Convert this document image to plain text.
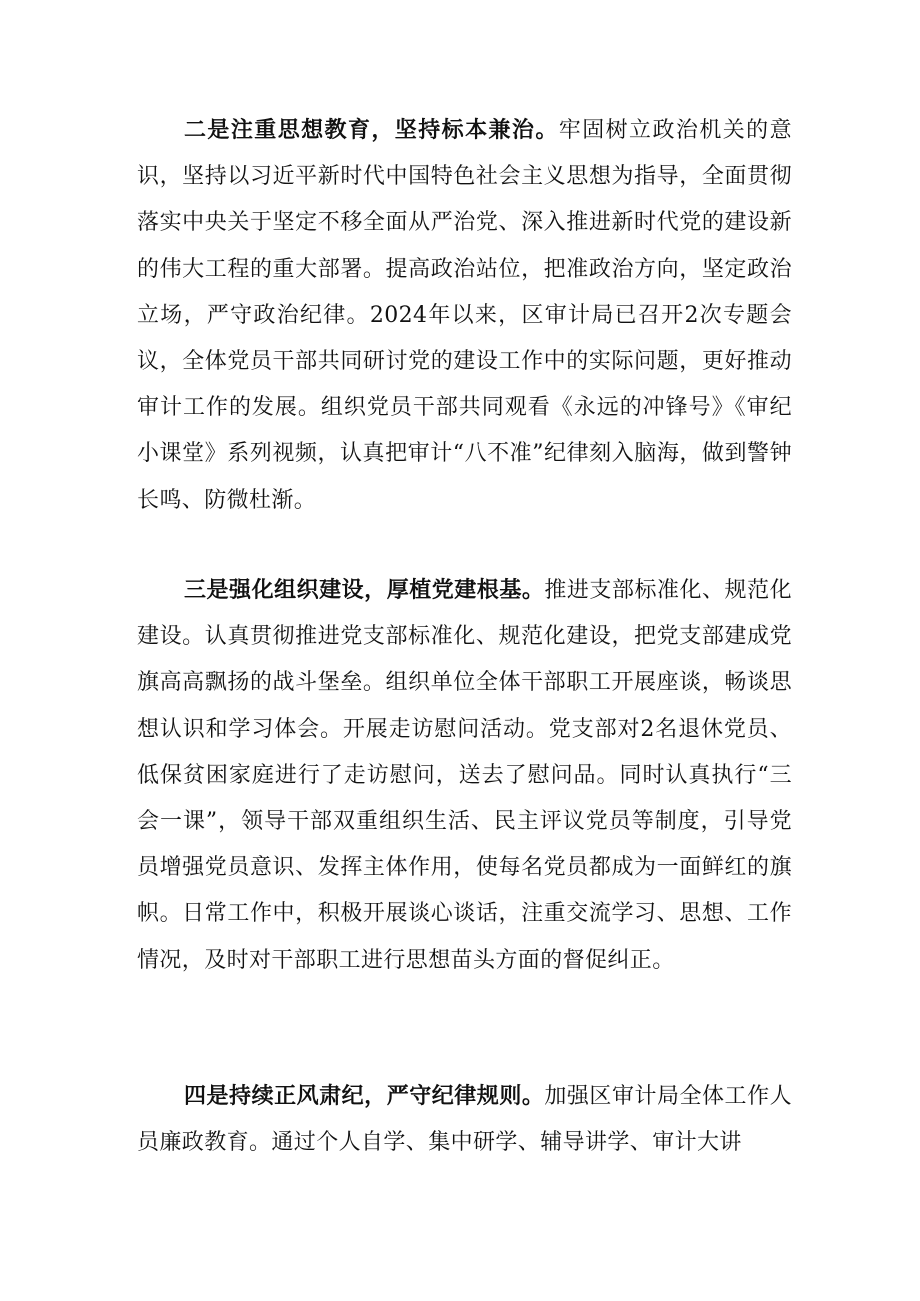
二是注重思想教育，坚持标本兼治。牢固树立政治机关的意识，坚持以习近平新时代中国特色社会主义思想为指导，全面贯彻落实中央关于坚定不移全面从严治党、深入推进新时代党的建设新的伟大工程的重大部署。提高政治站位，把准政治方向，坚定政治立场，严守政治纪律。2024年以来，区审计局已召开2次专题会议，全体党员干部共同研讨党的建设工作中的实际问题，更好推动审计工作的发展。组织党员干部共同观看《永远的冲锋号》《审纪小课堂》系列视频，认真把审计“八不准”纪律刻入脑海，做到警钟长鸣、防微杜渐。

三是强化组织建设，厚植党建根基。推进支部标准化、规范化建设。认真贯彻推进党支部标准化、规范化建设，把党支部建成党旗高高飘扬的战斗堡垒。组织单位全体干部职工开展座谈，畅谈思想认识和学习体会。开展走访慰问活动。党支部对2名退休党员、低保贫困家庭进行了走访慰问，送去了慰问品。同时认真执行“三会一课”，领导干部双重组织生活、民主评议党员等制度，引导党员增强党员意识、发挥主体作用，使每名党员都成为一面鲜红的旗帜。日常工作中，积极开展谈心谈话，注重交流学习、思想、工作情况，及时对干部职工进行思想苗头方面的督促纠正。

四是持续正风肃纪，严守纪律规则。加强区审计局全体工作人员廉政教育。通过个人自学、集中研学、辅导讲学、审计大讲
